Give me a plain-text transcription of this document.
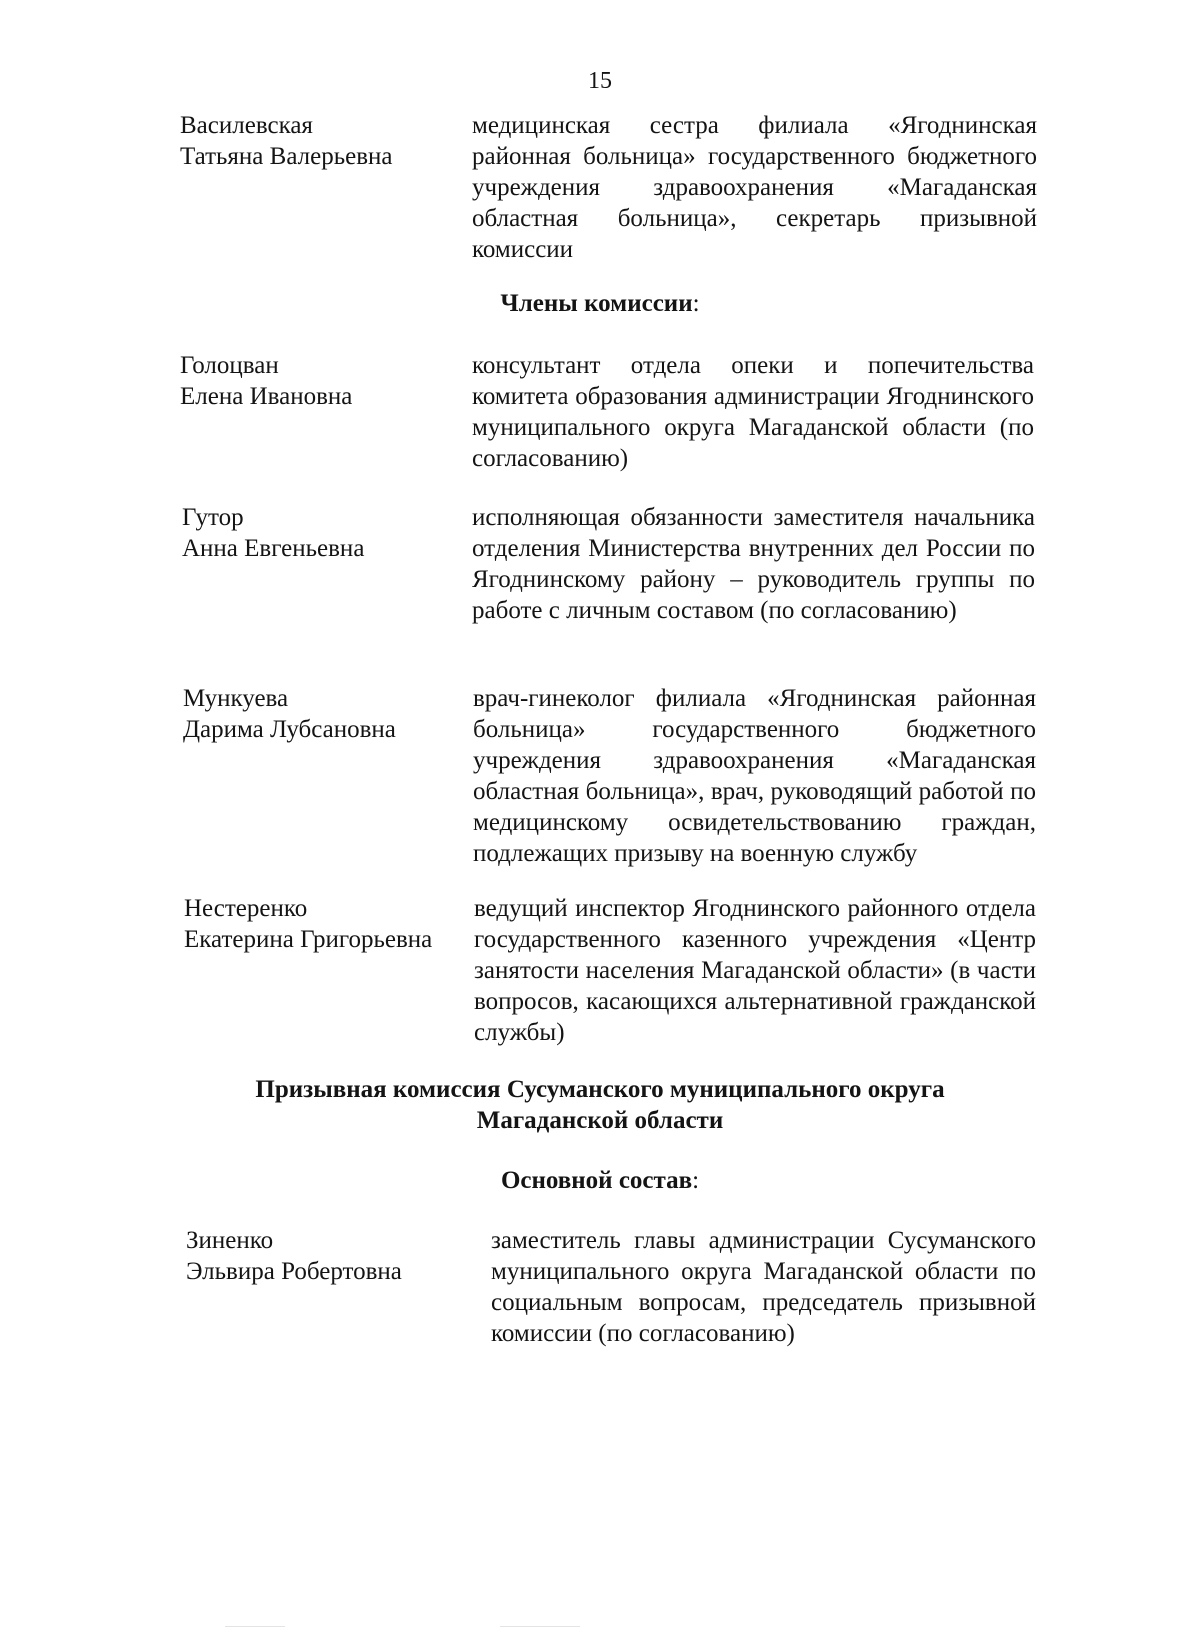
15
Василевская
Татьяна Валерьевна
медицинская сестра филиала «Ягоднинская районная больница» государственного бюджетного учреждения здравоохранения «Магаданская областная больница», секретарь призывной комиссии
Члены комиссии:
Голоцван
Елена Ивановна
консультант отдела опеки и попечительства комитета образования администрации Ягоднинского муниципального округа Магаданской области (по согласованию)
Гутор
Анна Евгеньевна
исполняющая обязанности заместителя начальника отделения Министерства внутренних дел России по Ягоднинскому району – руководитель группы по работе с личным составом (по согласованию)
Мункуева
Дарима Лубсановна
врач-гинеколог филиала «Ягоднинская районная больница» государственного бюджетного учреждения здравоохранения «Магаданская областная больница», врач, руководящий работой по медицинскому освидетельствованию граждан, подлежащих призыву на военную службу
Нестеренко
Екатерина Григорьевна
ведущий инспектор Ягоднинского районного отдела государственного казенного учреждения «Центр занятости населения Магаданской области» (в части вопросов, касающихся альтернативной гражданской службы)
Призывная комиссия Сусуманского муниципального округа
Магаданской области
Основной состав:
Зиненко
Эльвира Робертовна
заместитель главы администрации Сусуманского муниципального округа Магаданской области по социальным вопросам, председатель призывной комиссии (по согласованию)
